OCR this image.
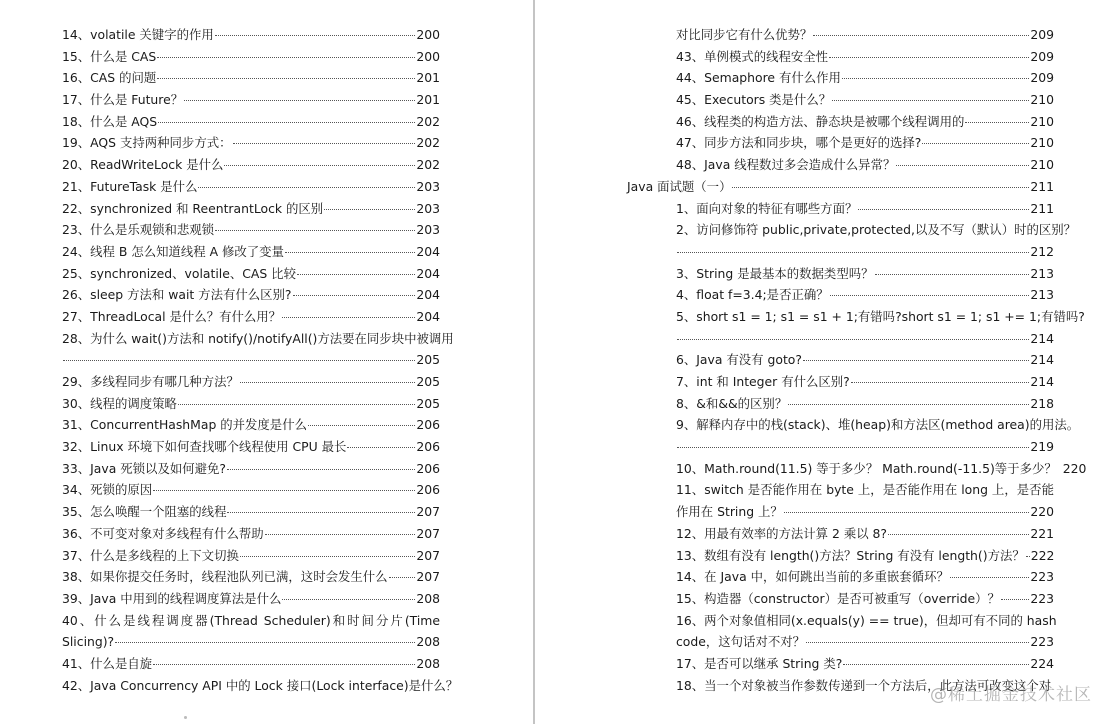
14、volatile 关键字的作用	200
15、什么是 CAS	200
16、CAS 的问题	201
17、什么是 Future？	201
18、什么是 AQS	202
19、AQS 支持两种同步方式：	202
20、ReadWriteLock 是什么	202
21、FutureTask 是什么	203
22、synchronized 和 ReentrantLock 的区别	203
23、什么是乐观锁和悲观锁	203
24、线程 B 怎么知道线程 A 修改了变量	204
25、synchronized、volatile、CAS 比较	204
26、sleep 方法和 wait 方法有什么区别?	204
27、ThreadLocal 是什么？有什么用？	204
28、为什么 wait()方法和 notify()/notifyAll()方法要在同步块中被调用
205
29、多线程同步有哪几种方法？	205
30、线程的调度策略	205
31、ConcurrentHashMap 的并发度是什么	206
32、Linux 环境下如何查找哪个线程使用 CPU 最长	206
33、Java 死锁以及如何避免?	206
34、死锁的原因	206
35、怎么唤醒一个阻塞的线程	207
36、不可变对象对多线程有什么帮助	207
37、什么是多线程的上下文切换	207
38、如果你提交任务时，线程池队列已满，这时会发生什么 207
39、Java 中用到的线程调度算法是什么	208
40、什么是线程调度器(Thread Scheduler)和时间分片(Time
Slicing)?	208
41、什么是自旋	208
42、Java Concurrency API 中的 Lock 接口(Lock interface)是什么？
对比同步它有什么优势？	209
43、单例模式的线程安全性	209
44、Semaphore 有什么作用	209
45、Executors 类是什么？	210
46、线程类的构造方法、静态块是被哪个线程调用的	210
47、同步方法和同步块，哪个是更好的选择?	210
48、Java 线程数过多会造成什么异常？	210
Java 面试题（一）	211
1、面向对象的特征有哪些方面？	211
2、访问修饰符 public,private,protected,以及不写（默认）时的区别？
212
3、String 是最基本的数据类型吗？	213
4、float f=3.4;是否正确？	213
5、short s1 = 1; s1 = s1 + 1;有错吗?short s1 = 1; s1 += 1;有错吗?
214
6、Java 有没有 goto?	214
7、int 和 Integer 有什么区别?	214
8、&和&&的区别？	218
9、解释内存中的栈(stack)、堆(heap)和方法区(method area)的用法。
219
10、Math.round(11.5) 等于多少？ Math.round(-11.5)等于多少？ 220
11、switch 是否能作用在 byte 上，是否能作用在 long 上，是否能
作用在 String 上？	220
12、用最有效率的方法计算 2 乘以 8?	221
13、数组有没有 length()方法？String 有没有 length()方法？ 222
14、在 Java 中，如何跳出当前的多重嵌套循环？	223
15、构造器（constructor）是否可被重写（override）？ 223
16、两个对象值相同(x.equals(y) == true)，但却可有不同的 hash
code，这句话对不对？	223
17、是否可以继承 String 类?	224
18、当一个对象被当作参数传递到一个方法后，此方法可改变这个对
@稀土掘金技术社区
